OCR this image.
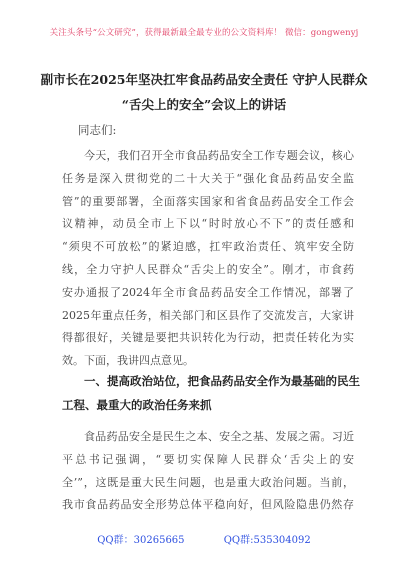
关注头条号“公文研究”，获得最新最全最专业的公文资料库！ 微信：gongwenyj
副市长在2025年坚决扛牢食品药品安全责任 守护人民群众
“舌尖上的安全”会议上的讲话
同志们:
今天，我们召开全市食品药品安全工作专题会议，核心
任务是深入贯彻党的二十大关于“强化食品药品安全监
管”的重要部署，全面落实国家和省食品药品安全工作会
议精神，动员全市上下以“时时放心不下”的责任感和
“须臾不可放松”的紧迫感，扛牢政治责任、筑牢安全防
线，全力守护人民群众“舌尖上的安全”。刚才，市食药
安办通报了2024年全市食品药品安全工作情况，部署了
2025年重点任务，相关部门和区县作了交流发言，大家讲
得都很好，关键是要把共识转化为行动，把责任转化为实
效。下面，我讲四点意见。
一、提高政治站位，把食品药品安全作为最基础的民生
工程、最重大的政治任务来抓
食品药品安全是民生之本、安全之基、发展之需。习近
平总书记强调，“要切实保障人民群众‘舌尖上的安
全’”，这既是重大民生问题，也是重大政治问题。当前，
我市食品药品安全形势总体平稳向好，但风险隐患仍然存
QQ群：30265665	QQ群:535304092
